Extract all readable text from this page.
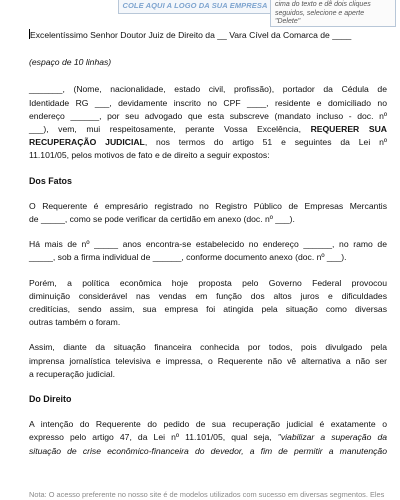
COLE AQUI A LOGO DA SUA EMPRESA	cima do texto e dê dois cliques
seguidos, selecione e aperte
"Delete"

Excelentíssimo Senhor Doutor Juiz de Direito da __ Vara Cível da Comarca de ____

(espaço de 10 linhas)

_______, (Nome, nacionalidade, estado civil, profissão), portador da Cédula de

Identidade RG ___, devidamente inscrito no CPF ____, residente e domiciliado no

endereço ______, por seu advogado que esta subscreve (mandato incluso - doc. nº

___), vem, mui respeitosamente, perante Vossa Excelência, REQUERER SUA

RECUPERAÇÃO JUDICIAL, nos termos do artigo 51 e seguintes da Lei nº

11.101/05, pelos motivos de fato e de direito a seguir expostos:

Dos Fatos

O Requerente é empresário registrado no Registro Público de Empresas Mercantis

de _____, como se pode verificar da certidão em anexo (doc. nº ___).

Há mais de nº _____ anos encontra-se estabelecido no endereço ______, no ramo de

_____, sob a firma individual de ______, conforme documento anexo (doc. nº ___).

Porém, a política econômica hoje proposta pelo Governo Federal provocou

diminuição considerável nas vendas em função dos altos juros e dificuldades

creditícias, sendo assim, sua empresa foi atingida pela situação como diversas

outras também o foram.

Assim, diante da situação financeira conhecida por todos, pois divulgado pela

imprensa jornalística televisiva e impressa, o Requerente não vê alternativa a não ser

a recuperação judicial.

Do Direito

A intenção do Requerente do pedido de sua recuperação judicial é exatamente o

expresso pelo artigo 47, da Lei nº 11.101/05, qual seja, "viabilizar a superação da

situação de crise econômico-financeira do devedor, a fim de permitir a manutenção

Nota: O acesso preferente no nosso site é de modelos utilizados com sucesso em diversas segmentos. Eles
